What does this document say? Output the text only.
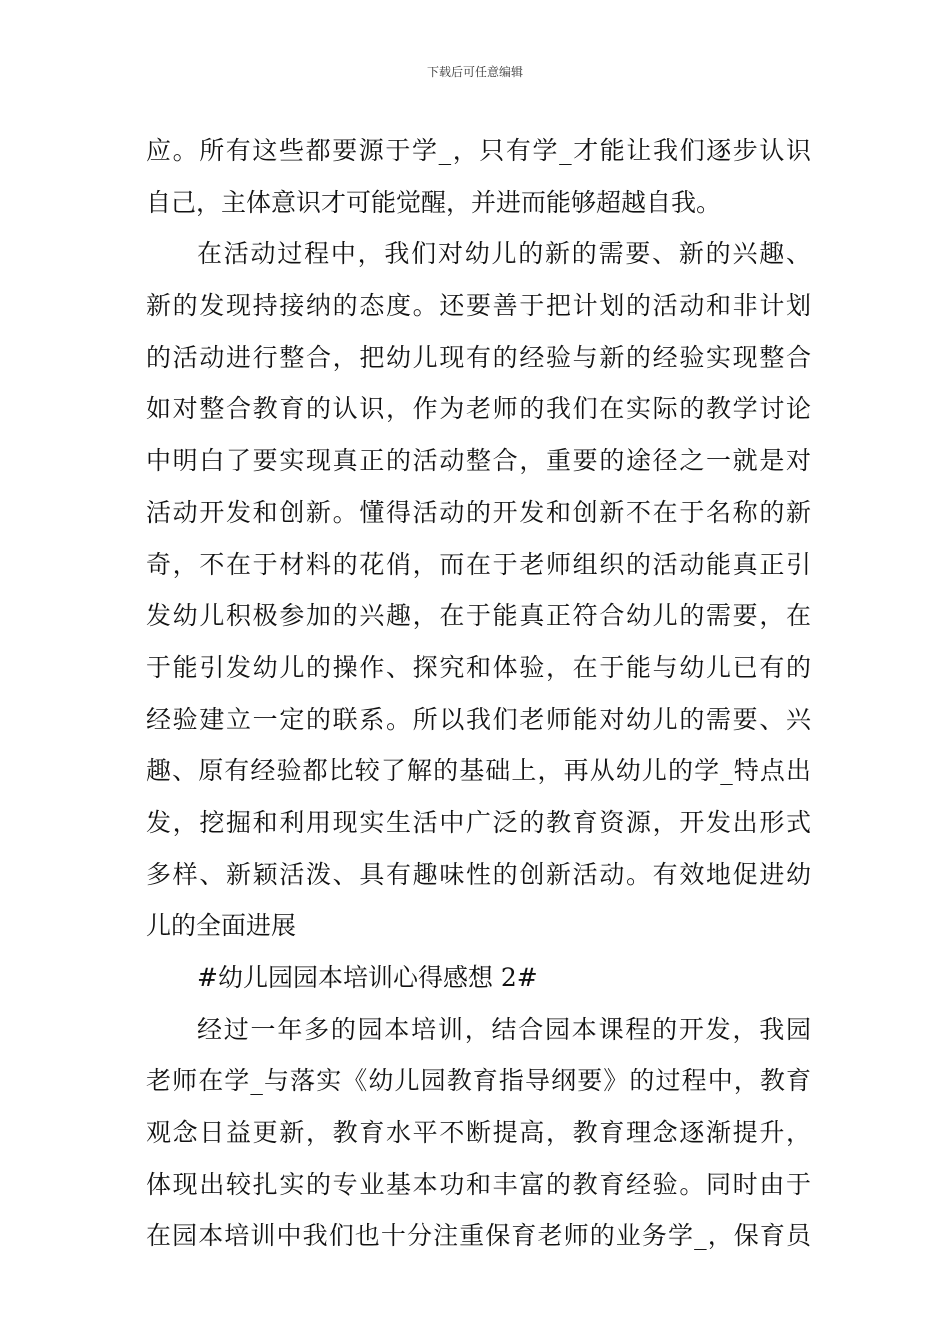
下载后可任意编辑
应。所有这些都要源于学_，只有学_才能让我们逐步认识
自己，主体意识才可能觉醒，并进而能够超越自我。
在活动过程中，我们对幼儿的新的需要、新的兴趣、
新的发现持接纳的态度。还要善于把计划的活动和非计划
的活动进行整合，把幼儿现有的经验与新的经验实现整合
如对整合教育的认识，作为老师的我们在实际的教学讨论
中明白了要实现真正的活动整合，重要的途径之一就是对
活动开发和创新。懂得活动的开发和创新不在于名称的新
奇，不在于材料的花俏，而在于老师组织的活动能真正引
发幼儿积极参加的兴趣，在于能真正符合幼儿的需要，在
于能引发幼儿的操作、探究和体验，在于能与幼儿已有的
经验建立一定的联系。所以我们老师能对幼儿的需要、兴
趣、原有经验都比较了解的基础上，再从幼儿的学_特点出
发，挖掘和利用现实生活中广泛的教育资源，开发出形式
多样、新颖活泼、具有趣味性的创新活动。有效地促进幼
儿的全面进展
#幼儿园园本培训心得感想 2#
经过一年多的园本培训，结合园本课程的开发，我园
老师在学_与落实《幼儿园教育指导纲要》的过程中，教育
观念日益更新，教育水平不断提高，教育理念逐渐提升，
体现出较扎实的专业基本功和丰富的教育经验。同时由于
在园本培训中我们也十分注重保育老师的业务学_，保育员
